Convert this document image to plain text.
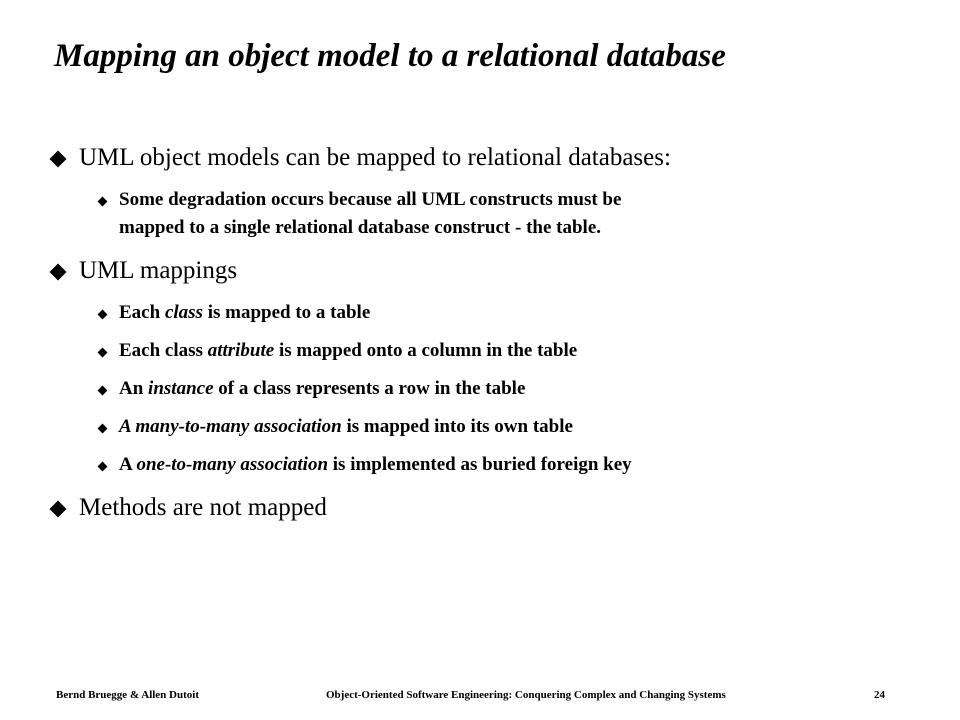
Mapping an object model to a relational database
UML object models can be mapped to relational databases:
Some degradation occurs because all UML constructs must be
mapped to a single relational database construct - the table.
UML mappings
Each class is mapped to a table
Each class attribute is mapped onto a column in the table
An instance of a class represents a row in the table
A many-to-many association is mapped into its own table
A one-to-many association is implemented as buried foreign key
Methods are not mapped
Bernd Bruegge & Allen Dutoit	Object-Oriented Software Engineering: Conquering Complex and Changing Systems	24
